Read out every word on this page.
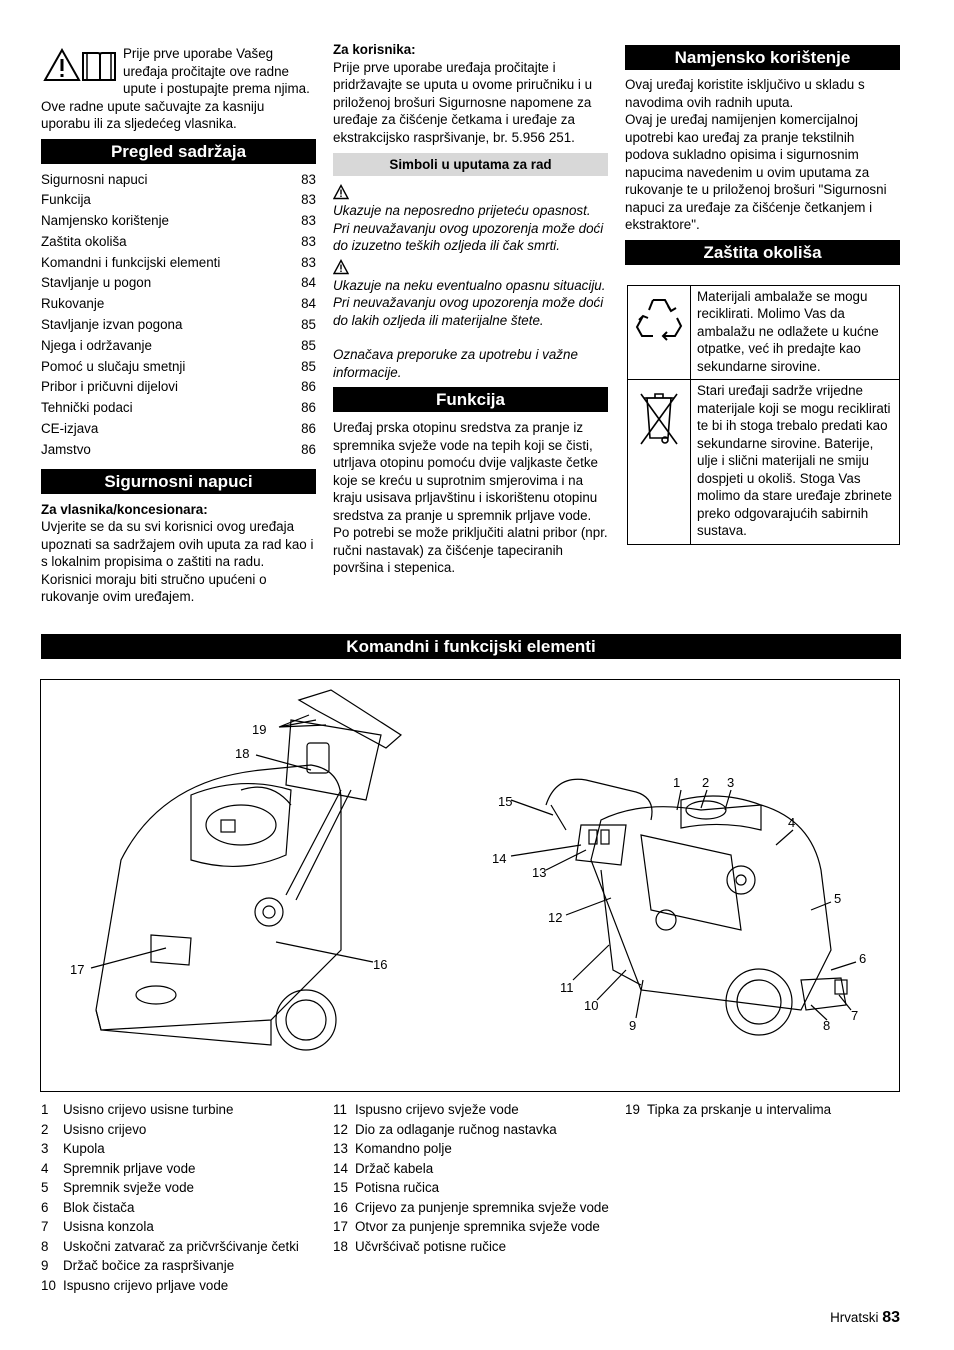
Prije prve uporabe Vašeg uređaja pročitajte ove radne upute i postupajte prema njima. Ove radne upute sačuvajte za kasniju uporabu ili za sljedećeg vlasnika.
Pregled sadržaja
Sigurnosni napuci	83
Funkcija	83
Namjensko korištenje	83
Zaštita okoliša	83
Komandni i funkcijski elementi	83
Stavljanje u pogon	84
Rukovanje	84
Stavljanje izvan pogona	85
Njega i održavanje	85
Pomoć u slučaju smetnji	85
Pribor i pričuvni dijelovi	86
Tehnički podaci	86
CE-izjava	86
Jamstvo	86
Sigurnosni napuci
Za vlasnika/koncesionara:
Uvjerite se da su svi korisnici ovog uređaja upoznati sa sadržajem ovih uputa za rad kao i s lokalnim propisima o zaštiti na radu. Korisnici moraju biti stručno upućeni o rukovanje ovim uređajem.
Za korisnika:
Prije prve uporabe uređaja pročitajte i pridržavajte se uputa u ovome priručniku i u priloženoj brošuri Sigurnosne napomene za uređaje za čišćenje četkama i uređaje za ekstrakcijsko raspršivanje, br. 5.956 251.
Simboli u uputama za rad
Ukazuje na neposredno prijeteću opasnost. Pri neuvažavanju ovog upozorenja može doći do izuzetno teških ozljeda ili čak smrti.
Ukazuje na neku eventualno opasnu situaciju. Pri neuvažavanju ovog upozorenja može doći do lakih ozljeda ili materijalne štete.
Označava preporuke za upotrebu i važne informacije.
Funkcija
Uređaj prska otopinu sredstva za pranje iz spremnika svježe vode na tepih koji se čisti, utrljava otopinu pomoću dvije valjkaste četke koje se kreću u suprotnim smjerovima i na kraju usisava prljavštinu i iskorištenu otopinu sredstva za pranje u spremnik prljave vode.
Po potrebi se može priključiti alatni pribor (npr. ručni nastavak) za čišćenje tapeciranih površina i stepenica.
Namjensko korištenje
Ovaj uređaj koristite isključivo u skladu s navodima ovih radnih uputa.
Ovaj je uređaj namijenjen komercijalnoj upotrebi kao uređaj za pranje tekstilnih podova sukladno opisima i sigurnosnim napucima navedenim u ovim uputama za rukovanje te u priloženoj brošuri "Sigurnosni napuci za uređaje za čišćenje četkanjem i ekstraktore".
Zaštita okoliša
	Materijali ambalaže se mogu reciklirati. Molimo Vas da ambalažu ne odlažete u kućne otpatke, već ih predajte kao sekundarne sirovine.
	Stari uređaji sadrže vrijedne materijale koji se mogu reciklirati te bi ih stoga trebalo predati kao sekundarne sirovine. Baterije, ulje i slični materijali ne smiju dospjeti u okoliš. Stoga Vas molimo da stare uređaje zbrinete preko odgovarajućih sabirnih sustava.
Komandni i funkcijski elementi
19
18
17	16
1 2 3
4
5
6
7
8
9
10
11
12
13
14
15
1	Usisno crijevo usisne turbine
2	Usisno crijevo
3	Kupola
4	Spremnik prljave vode
5	Spremnik svježe vode
6	Blok čistača
7	Usisna konzola
8	Uskočni zatvarač za pričvršćivanje četki
9	Držač bočice za raspršivanje
10 Ispusno crijevo prljave vode
11 Ispusno crijevo svježe vode
12 Dio za odlaganje ručnog nastavka
13 Komandno polje
14 Držač kabela
15 Potisna ručica
16 Crijevo za punjenje spremnika svježe vode
17 Otvor za punjenje spremnika svježe vode
18 Učvršćivač potisne ručice
19 Tipka za prskanje u intervalima
Hrvatski 83
